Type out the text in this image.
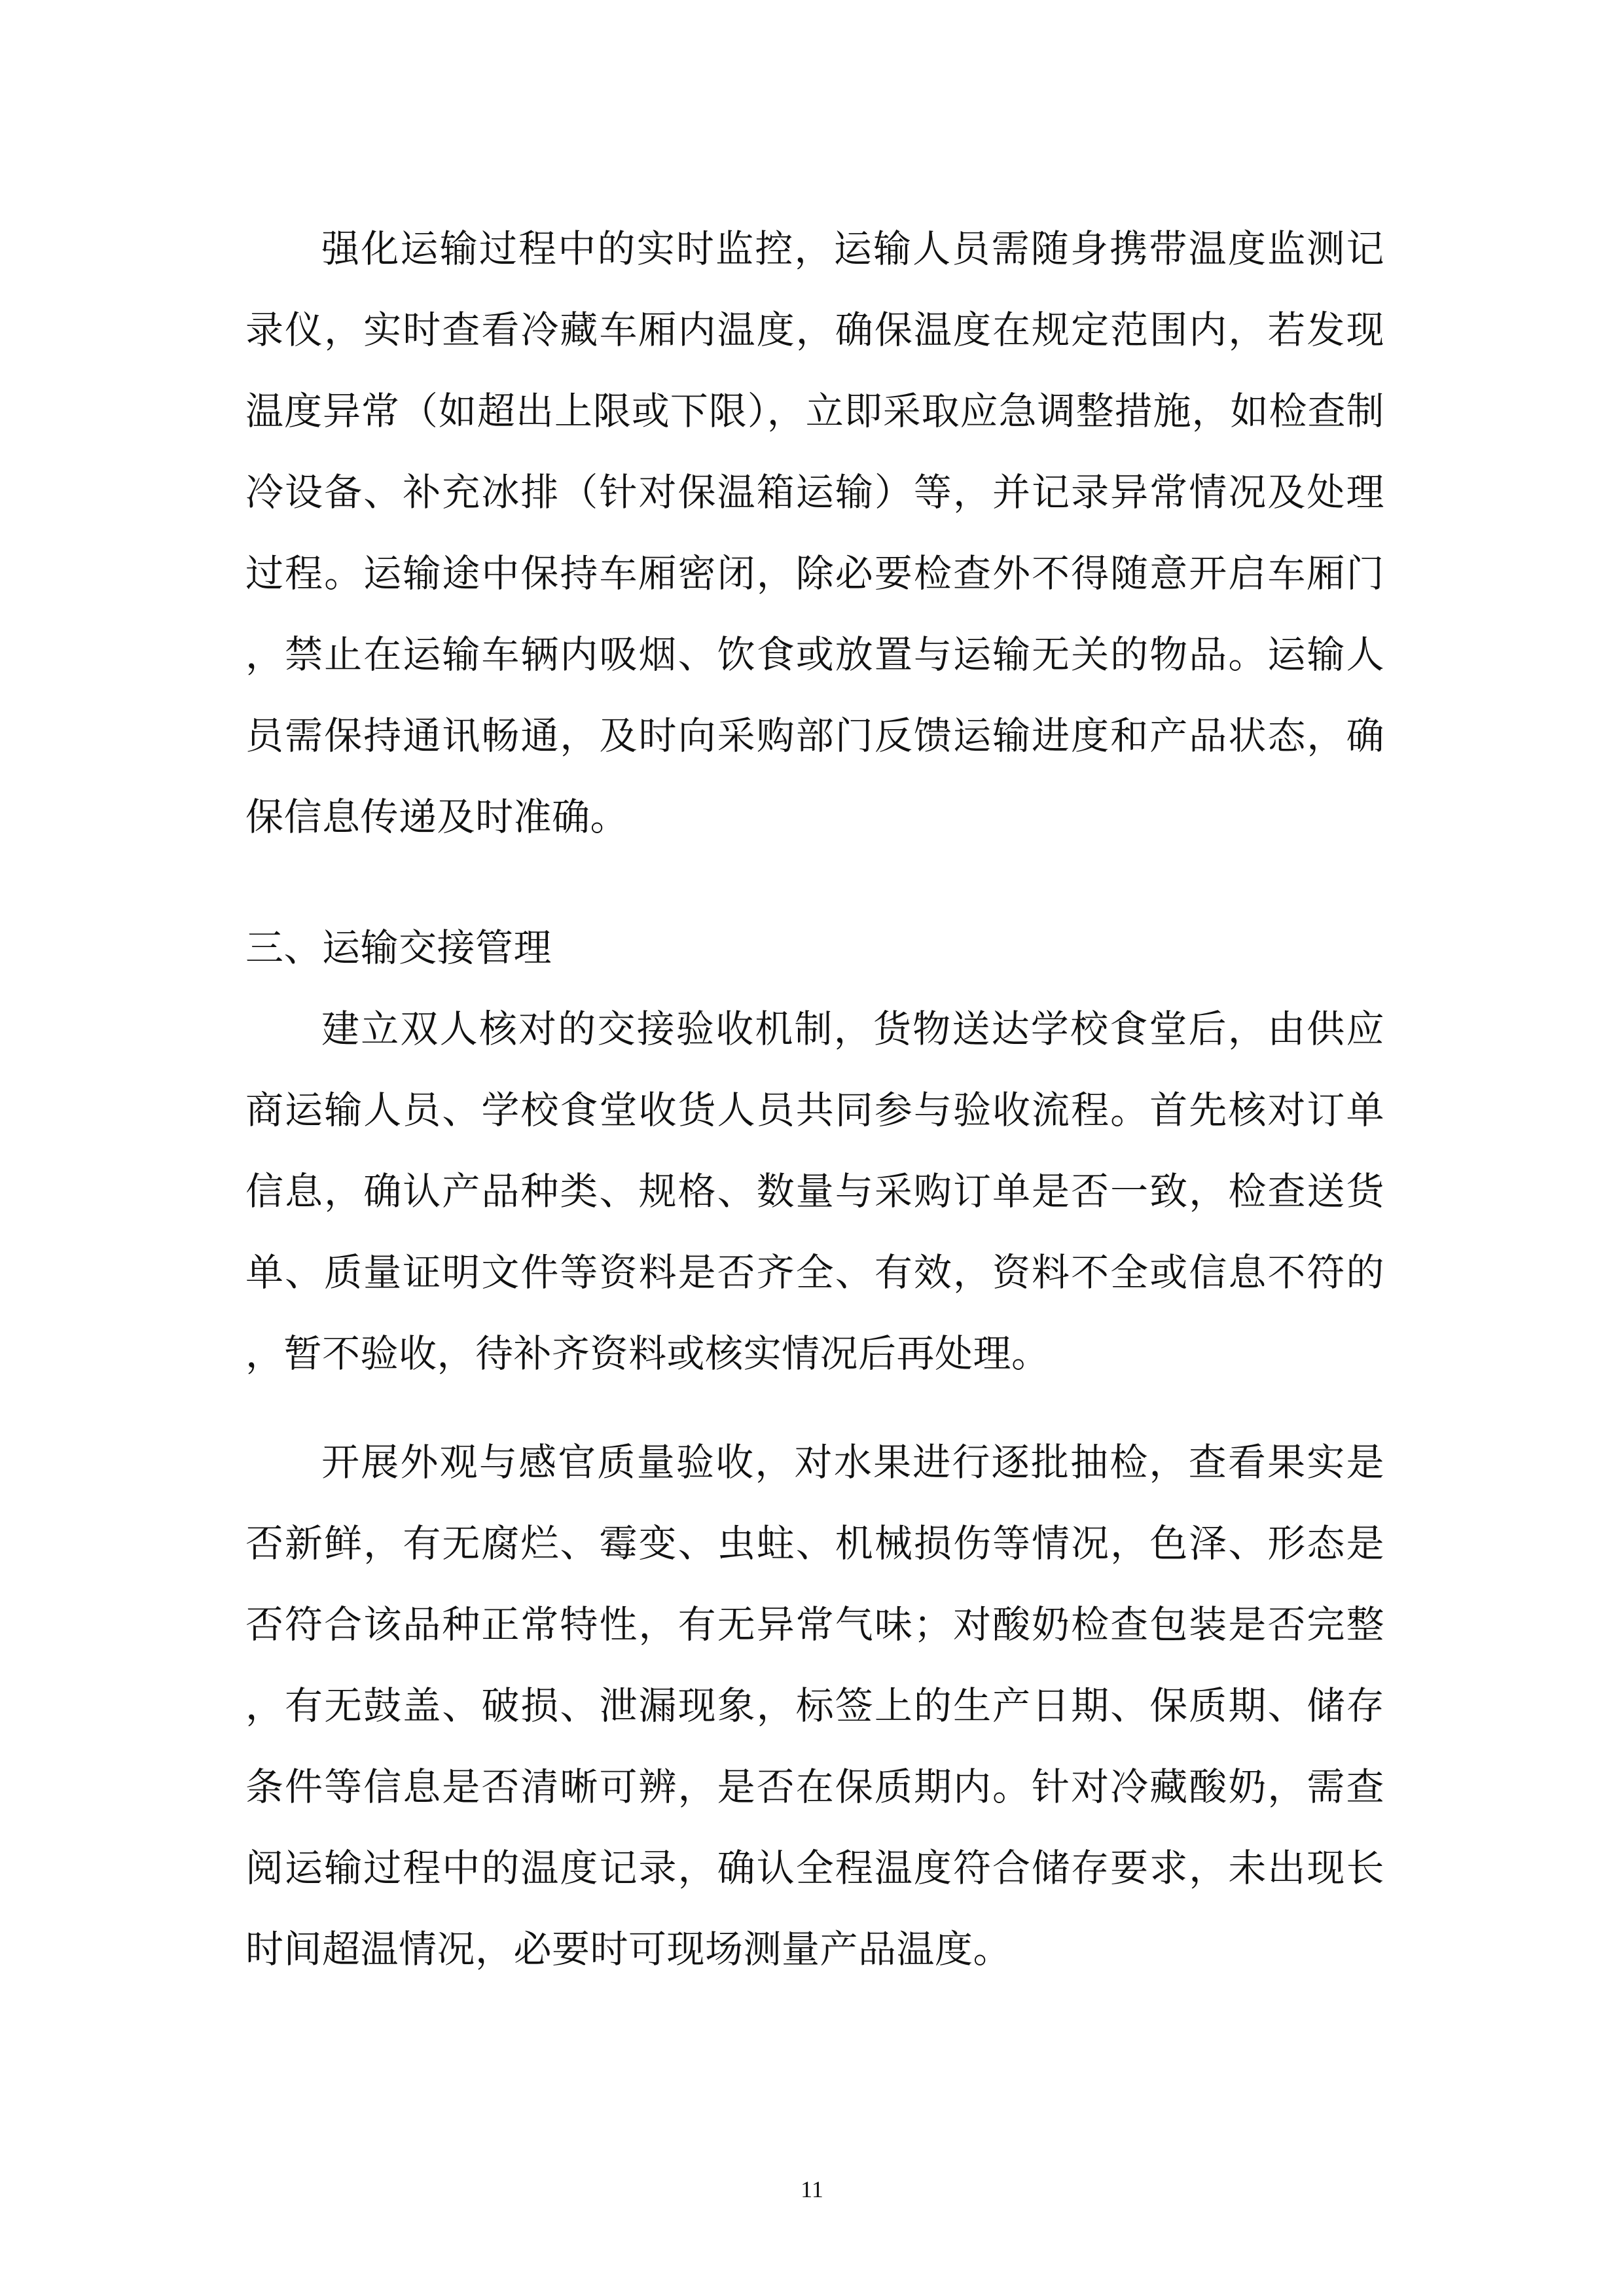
强化运输过程中的实时监控，运输人员需随身携带温度监测记录仪，实时查看冷藏车厢内温度，确保温度在规定范围内，若发现温度异常（如超出上限或下限），立即采取应急调整措施，如检查制冷设备、补充冰排（针对保温箱运输）等，并记录异常情况及处理过程。运输途中保持车厢密闭，除必要检查外不得随意开启车厢门，禁止在运输车辆内吸烟、饮食或放置与运输无关的物品。运输人员需保持通讯畅通，及时向采购部门反馈运输进度和产品状态，确保信息传递及时准确。

三、运输交接管理

建立双人核对的交接验收机制，货物送达学校食堂后，由供应商运输人员、学校食堂收货人员共同参与验收流程。首先核对订单信息，确认产品种类、规格、数量与采购订单是否一致，检查送货单、质量证明文件等资料是否齐全、有效，资料不全或信息不符的，暂不验收，待补齐资料或核实情况后再处理。

开展外观与感官质量验收，对水果进行逐批抽检，查看果实是否新鲜，有无腐烂、霉变、虫蛀、机械损伤等情况，色泽、形态是否符合该品种正常特性，有无异常气味；对酸奶检查包装是否完整，有无鼓盖、破损、泄漏现象，标签上的生产日期、保质期、储存条件等信息是否清晰可辨，是否在保质期内。针对冷藏酸奶，需查阅运输过程中的温度记录，确认全程温度符合储存要求，未出现长时间超温情况，必要时可现场测量产品温度。

11
